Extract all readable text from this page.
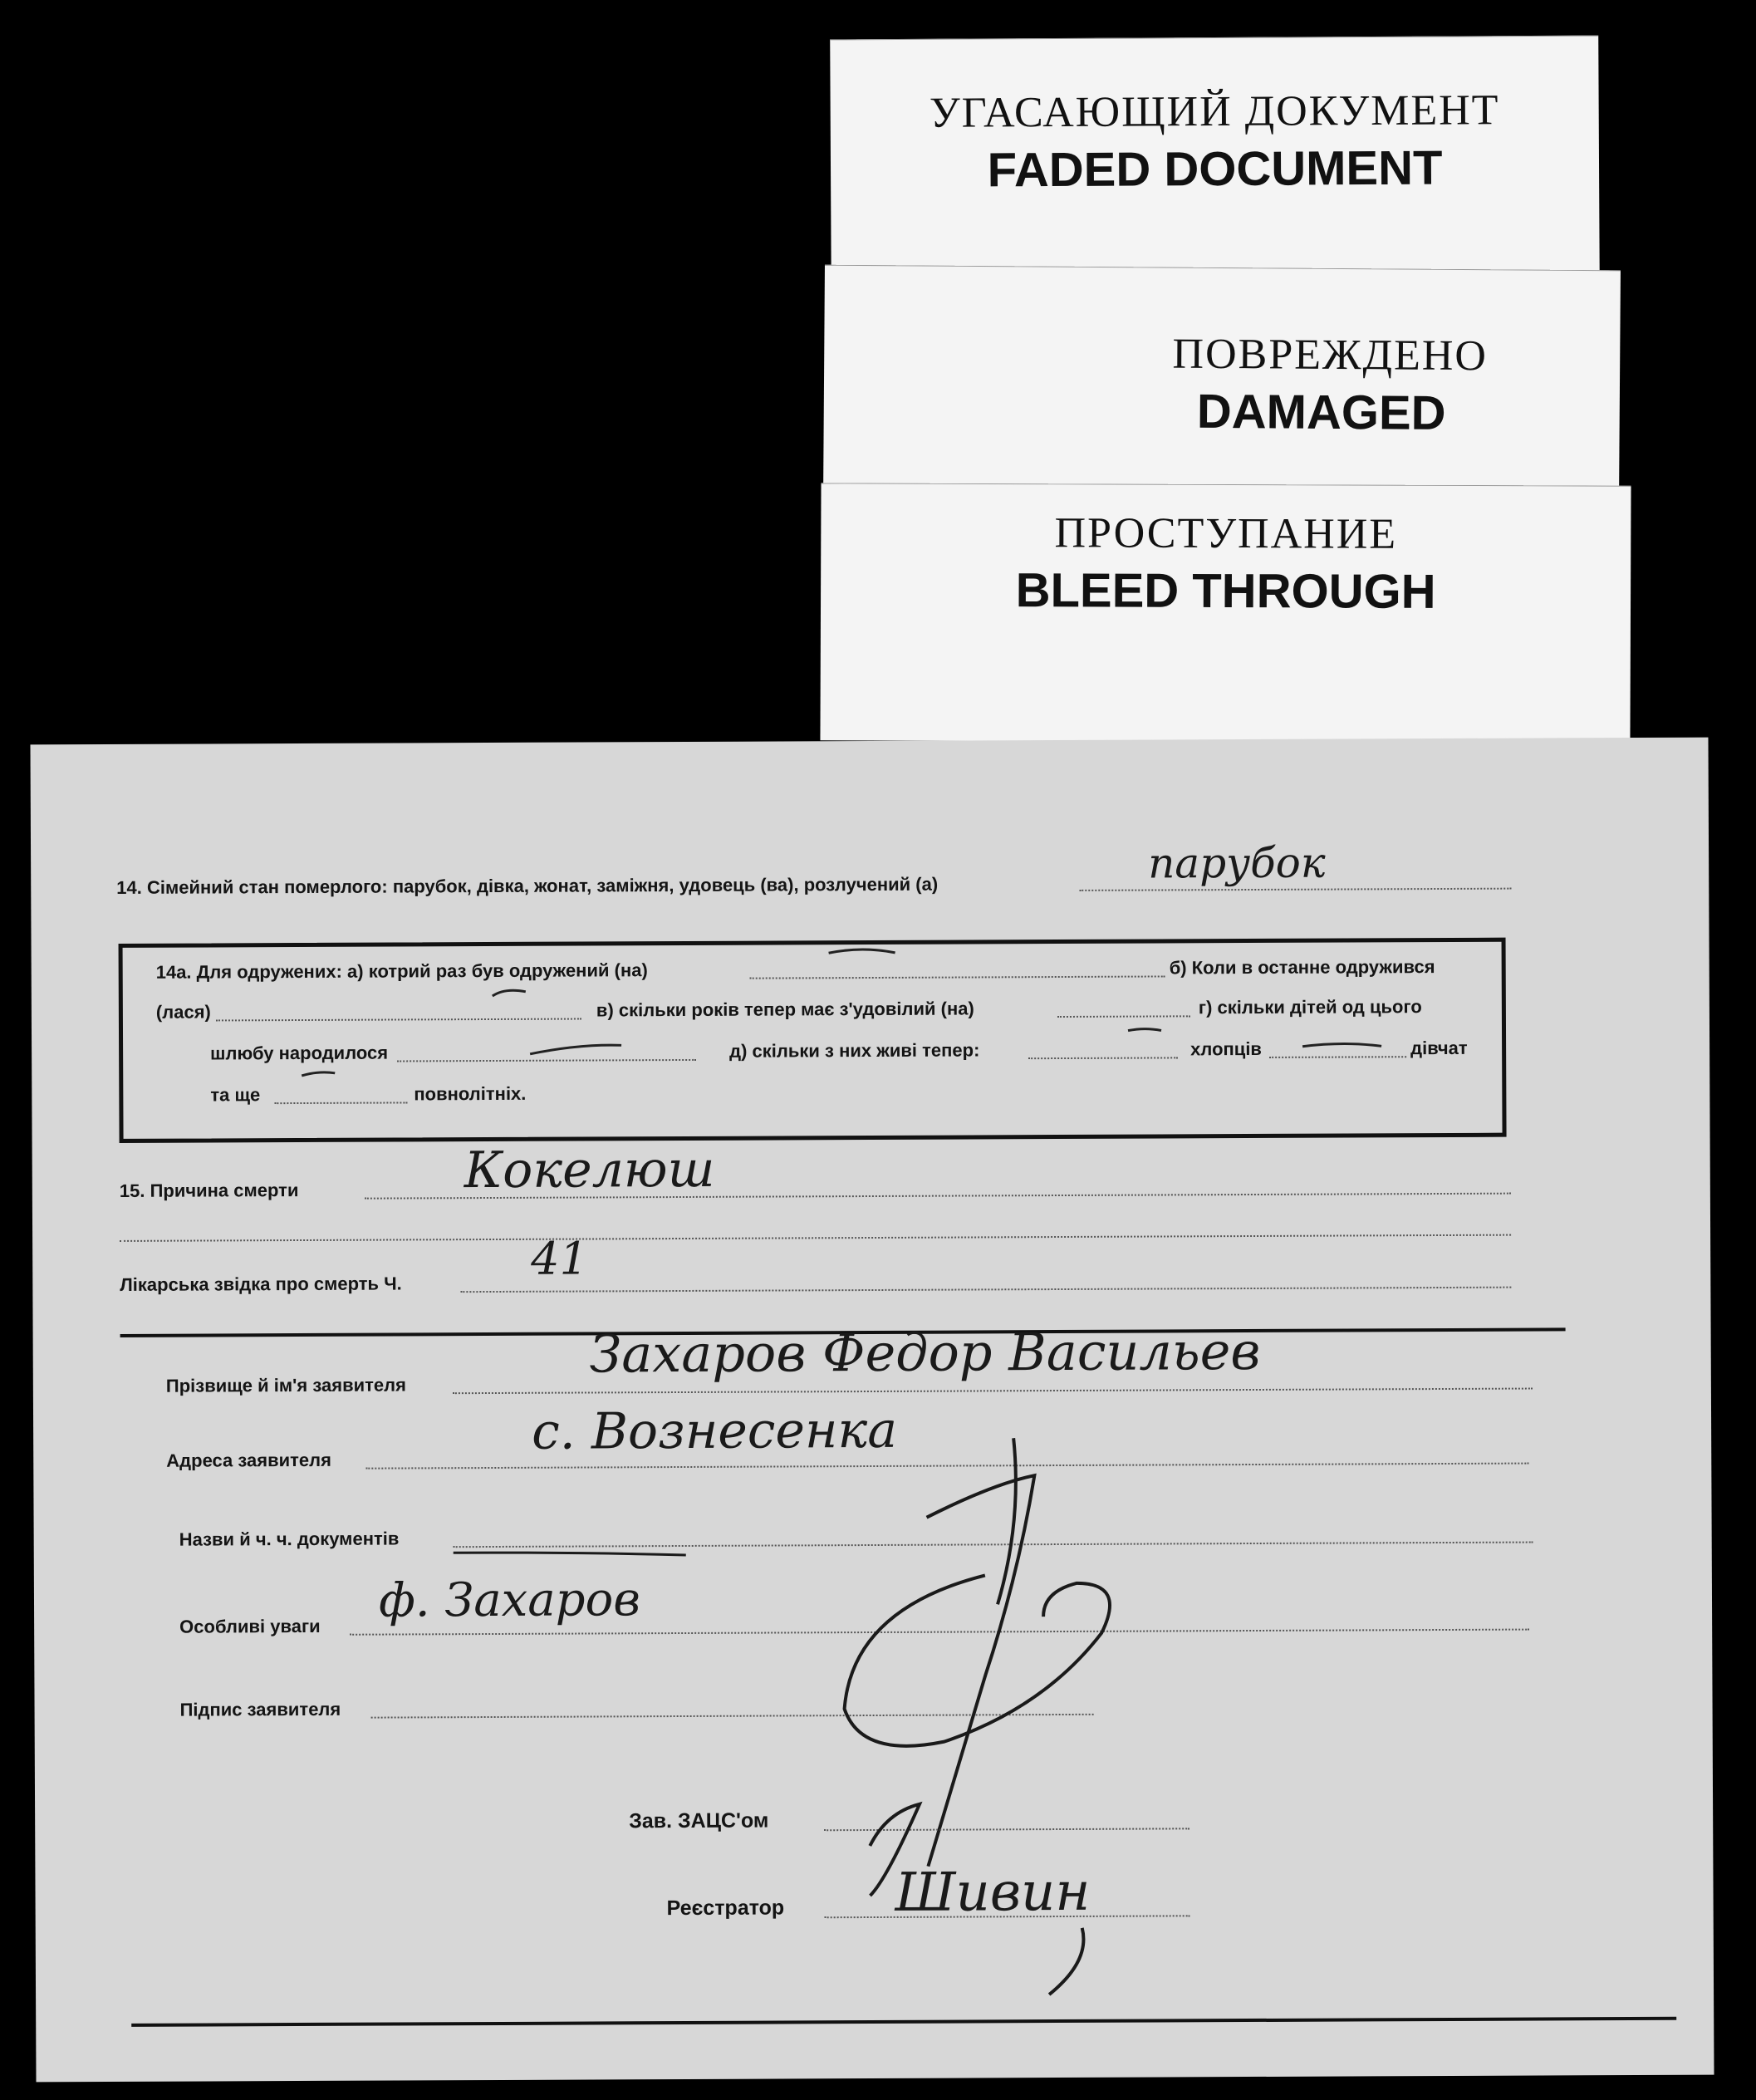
УГАСАЮЩИЙ ДОКУМЕНТ
FADED DOCUMENT
ПОВРЕЖДЕНО
DAMAGED
ПРОСТУПАНИЕ
BLEED THROUGH
14. Сімейний стан померлого: парубок, дівка, жонат, заміжня, удовець (ва), розлучений (а)	парубок
14а. Для одружених: а) котрий раз був одружений (на)	б) Коли в останне одружився
(лася)	в) скільки років тепер має з'удовілий (на)	г) скільки дітей од цього
шлюбу народилося	д) скільки з них живі тепер:	хлопців	дівчат
та ще	повнолітніх.
15. Причина смерти	Кокелюш
Лікарська звідка про смерть Ч.	41
Прізвище й ім'я заявителя
Захаров Федор Васильев
Адреса заявителя	с. Вознесенка
Назви й ч. ч. документів
Особливі уваги ф. Захаров
Підпис заявителя
Зав. ЗАЦС'ом
Реєстратор Шивин
